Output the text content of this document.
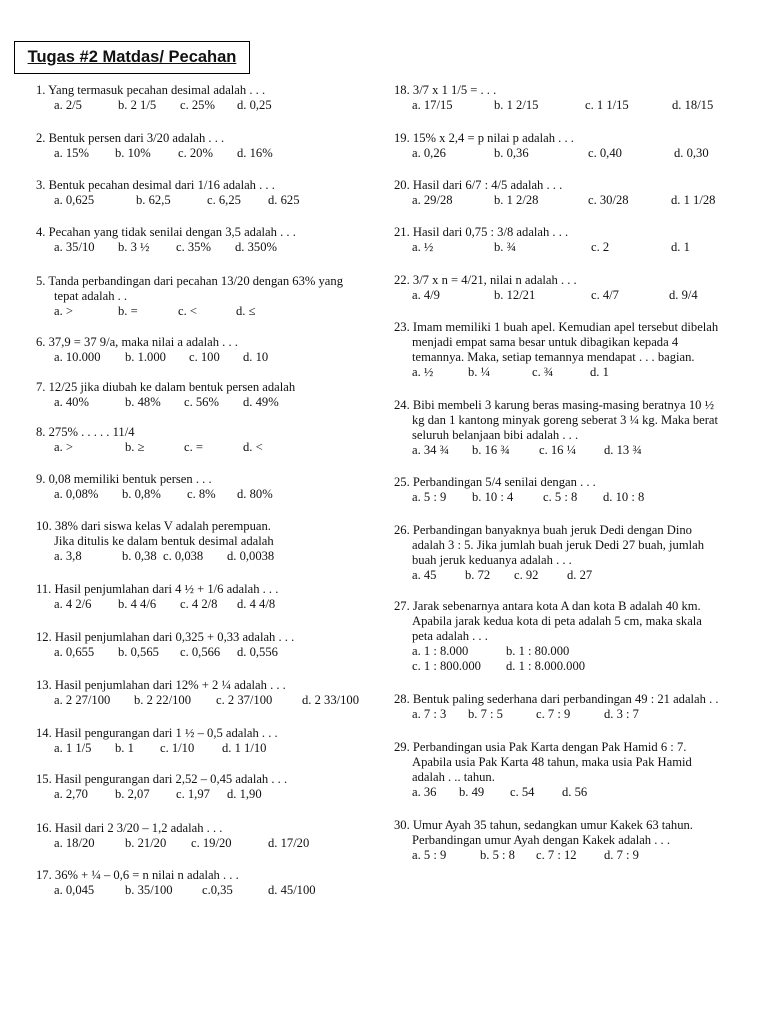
Tugas #2 Matdas/ Pecahan
1. Yang termasuk pecahan desimal adalah . . .
a. 2/5	b. 2 1/5 c. 25% d. 0,25
2. Bentuk persen dari 3/20 adalah . . .
a. 15% b. 10% c. 20% d. 16%
3. Bentuk pecahan desimal dari 1/16 adalah . . .
a. 0,625	b. 62,5	c. 6,25 d. 625
4. Pecahan yang tidak senilai dengan 3,5 adalah . . .
a. 35/10 b. 3 ½ c. 35% d. 350%
5. Tanda perbandingan dari pecahan 13/20 dengan 63% yang
tepat adalah . .
a. >	b. =	c. <	d. ≤
6. 37,9 = 37 9/a, maka nilai a adalah . . .
a. 10.000 b. 1.000 c. 100 d. 10
7. 12/25 jika diubah ke dalam bentuk persen adalah
a. 40%	b. 48% c. 56% d. 49%
8. 275% . . . . . 11/4
a. >	b. ≥	c. =	d. <
9. 0,08 memiliki bentuk persen . . .
a. 0,08% b. 0,8% c. 8% d. 80%
10. 38% dari siswa kelas V adalah perempuan.
Jika ditulis ke dalam bentuk desimal adalah
a. 3,8	b. 0,38 c. 0,038 d. 0,0038
11. Hasil penjumlahan dari 4 ½ + 1/6 adalah . . .
a. 4 2/6 b. 4 4/6 c. 4 2/8 d. 4 4/8
12. Hasil penjumlahan dari 0,325 + 0,33 adalah . . .
a. 0,655 b. 0,565 c. 0,566 d. 0,556
13. Hasil penjumlahan dari 12% + 2 ¼ adalah . . .
a. 2 27/100 b. 2 22/100 c. 2 37/100 d. 2 33/100
14. Hasil pengurangan dari 1 ½ – 0,5 adalah . . .
a. 1 1/5 b. 1 c. 1/10 d. 1 1/10
15. Hasil pengurangan dari 2,52 – 0,45 adalah . . .
a. 2,70 b. 2,07 c. 1,97 d. 1,90
16. Hasil dari 2 3/20 – 1,2 adalah . . .
a. 18/20 b. 21/20 c. 19/20	d. 17/20
17. 36% + ¼ – 0,6 = n nilai n adalah . . .
a. 0,045 b. 35/100 c.0,35	d. 45/100
18. 3/7 x 1 1/5 = . . .
a. 17/15	b. 1 2/15	c. 1 1/15	d. 18/15
19. 15% x 2,4 = p nilai p adalah . . .
a. 0,26	b. 0,36	c. 0,40	d. 0,30
20. Hasil dari 6/7 : 4/5 adalah . . .
a. 29/28	b. 1 2/28	c. 30/28	d. 1 1/28
21. Hasil dari 0,75 : 3/8 adalah . . .
a. ½	b. ¾	c. 2	d. 1
22. 3/7 x n = 4/21, nilai n adalah . . .
a. 4/9	b. 12/21	c. 4/7	d. 9/4
23. Imam memiliki 1 buah apel. Kemudian apel tersebut dibelah
menjadi empat sama besar untuk dibagikan kepada 4
temannya. Maka, setiap temannya mendapat . . . bagian.
a. ½	b. ¼	c. ¾	d. 1
24. Bibi membeli 3 karung beras masing-masing beratnya 10 ½
kg dan 1 kantong minyak goreng seberat 3 ¼ kg. Maka berat
seluruh belanjaan bibi adalah . . .
a. 34 ¾ b. 16 ¾ c. 16 ¼ d. 13 ¾
25. Perbandingan 5/4 senilai dengan . . .
a. 5 : 9 b. 10 : 4 c. 5 : 8 d. 10 : 8
26. Perbandingan banyaknya buah jeruk Dedi dengan Dino
adalah 3 : 5. Jika jumlah buah jeruk Dedi 27 buah, jumlah
buah jeruk keduanya adalah . . .
a. 45 b. 72 c. 92 d. 27
27. Jarak sebenarnya antara kota A dan kota B adalah 40 km.
Apabila jarak kedua kota di peta adalah 5 cm, maka skala
peta adalah . . .
a. 1 : 8.000	b. 1 : 80.000
c. 1 : 800.000 d. 1 : 8.000.000
28. Bentuk paling sederhana dari perbandingan 49 : 21 adalah . .
a. 7 : 3 b. 7 : 5	c. 7 : 9	d. 3 : 7
29. Perbandingan usia Pak Karta dengan Pak Hamid 6 : 7.
Apabila usia Pak Karta 48 tahun, maka usia Pak Hamid
adalah . .. tahun.
a. 36 b. 49 c. 54 d. 56
30. Umur Ayah 35 tahun, sedangkan umur Kakek 63 tahun.
Perbandingan umur Ayah dengan Kakek adalah . . .
a. 5 : 9	b. 5 : 8 c. 7 : 12 d. 7 : 9
